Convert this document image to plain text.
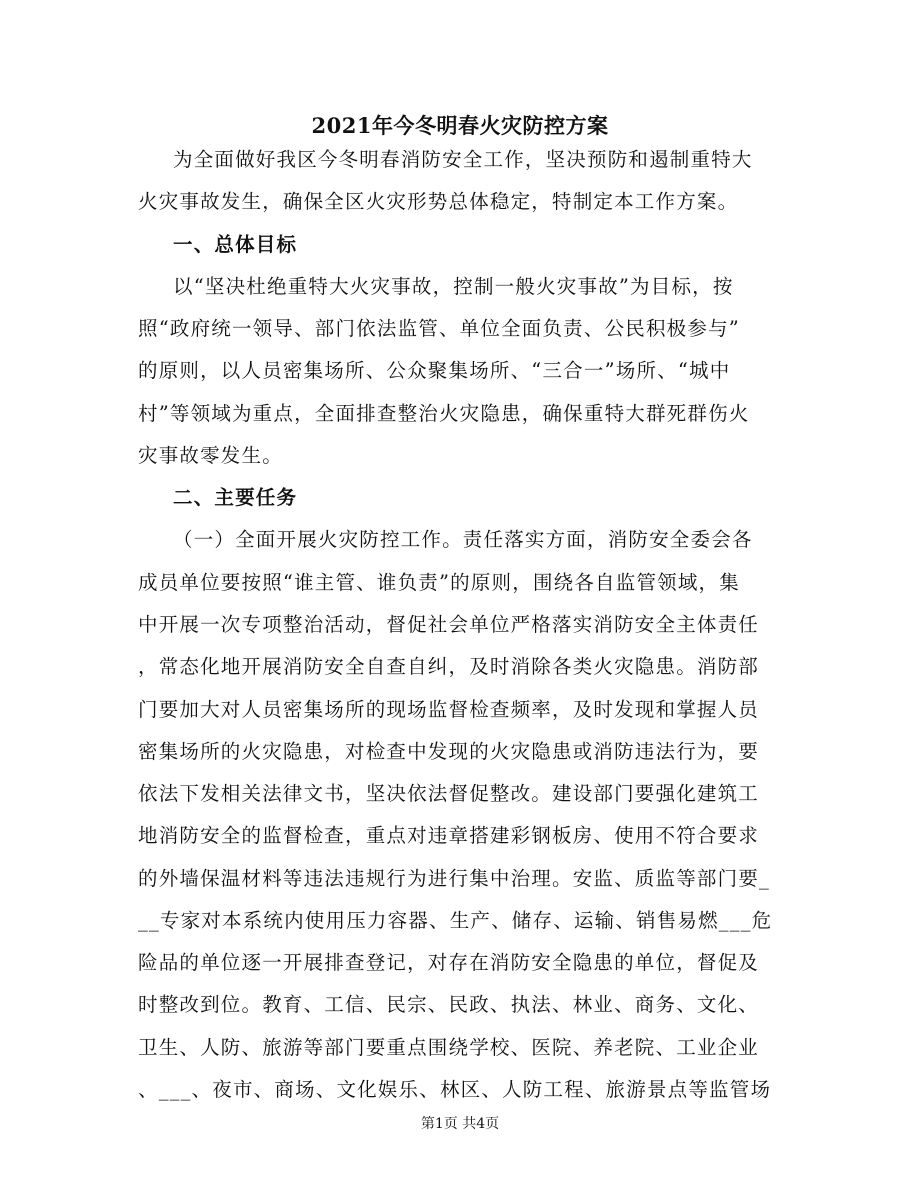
2021年今冬明春火灾防控方案
为全面做好我区今冬明春消防安全工作，坚决预防和遏制重特大
火灾事故发生，确保全区火灾形势总体稳定，特制定本工作方案。
一、总体目标
以“坚决杜绝重特大火灾事故，控制一般火灾事故”为目标，按
照“政府统一领导、部门依法监管、单位全面负责、公民积极参与”
的原则，以人员密集场所、公众聚集场所、“三合一”场所、“城中
村”等领域为重点，全面排查整治火灾隐患，确保重特大群死群伤火
灾事故零发生。
二、主要任务
（一）全面开展火灾防控工作。责任落实方面，消防安全委会各
成员单位要按照“谁主管、谁负责”的原则，围绕各自监管领域，集
中开展一次专项整治活动，督促社会单位严格落实消防安全主体责任
，常态化地开展消防安全自查自纠，及时消除各类火灾隐患。消防部
门要加大对人员密集场所的现场监督检查频率，及时发现和掌握人员
密集场所的火灾隐患，对检查中发现的火灾隐患或消防违法行为，要
依法下发相关法律文书，坚决依法督促整改。建设部门要强化建筑工
地消防安全的监督检查，重点对违章搭建彩钢板房、使用不符合要求
的外墙保温材料等违法违规行为进行集中治理。安监、质监等部门要_
__专家对本系统内使用压力容器、生产、储存、运输、销售易燃___危
险品的单位逐一开展排查登记，对存在消防安全隐患的单位，督促及
时整改到位。教育、工信、民宗、民政、执法、林业、商务、文化、
卫生、人防、旅游等部门要重点围绕学校、医院、养老院、工业企业
、___、夜市、商场、文化娱乐、林区、人防工程、旅游景点等监管场
第1页 共4页
